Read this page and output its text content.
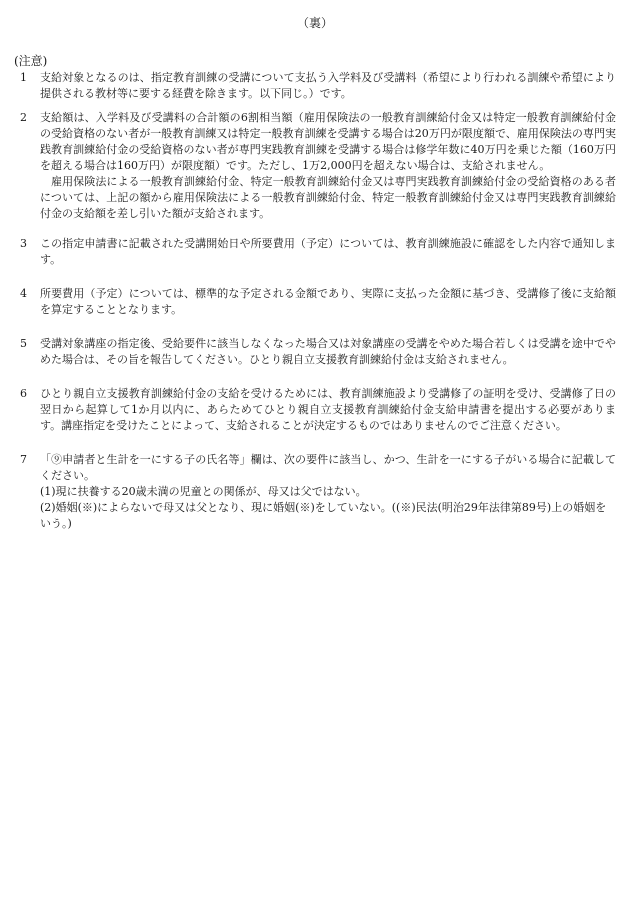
（裏）
(注意)
1	支給対象となるのは、指定教育訓練の受講について支払う入学料及び受講料（希望により行われる訓練や希望により提供される教材等に要する経費を除きます。以下同じ。）です。

2	支給額は、入学料及び受講料の合計額の6割相当額（雇用保険法の一般教育訓練給付金又は特定一般教育訓練給付金の受給資格のない者が一般教育訓練又は特定一般教育訓練を受講する場合は20万円が限度額で、雇用保険法の専門実践教育訓練給付金の受給資格のない者が専門実践教育訓練を受講する場合は修学年数に40万円を乗じた額（160万円を超える場合は160万円）が限度額）です。ただし、1万2,000円を超えない場合は、支給されません。

雇用保険法による一般教育訓練給付金、特定一般教育訓練給付金又は専門実践教育訓練給付金の受給資格のある者については、上記の額から雇用保険法による一般教育訓練給付金、特定一般教育訓練給付金又は専門実践教育訓練給付金の支給額を差し引いた額が支給されます。

3	この指定申請書に記載された受講開始日や所要費用（予定）については、教育訓練施設に確認をした内容で通知します。

4	所要費用（予定）については、標準的な予定される金額であり、実際に支払った金額に基づき、受講修了後に支給額を算定することとなります。

5	受講対象講座の指定後、受給要件に該当しなくなった場合又は対象講座の受講をやめた場合若しくは受講を途中でやめた場合は、その旨を報告してください。ひとり親自立支援教育訓練給付金は支給されません。

6	ひとり親自立支援教育訓練給付金の支給を受けるためには、教育訓練施設より受講修了の証明を受け、受講修了日の翌日から起算して1か月以内に、あらためてひとり親自立支援教育訓練給付金支給申請書を提出する必要があります。講座指定を受けたことによって、支給されることが決定するものではありませんのでご注意ください。

7	「⑨申請者と生計を一にする子の氏名等」欄は、次の要件に該当し、かつ、生計を一にする子がいる場合に記載してください。

(1)現に扶養する20歳未満の児童との関係が、母又は父ではない。

(2)婚姻(※)によらないで母又は父となり、現に婚姻(※)をしていない。((※)民法(明治29年法律第89号)上の婚姻をいう。)
